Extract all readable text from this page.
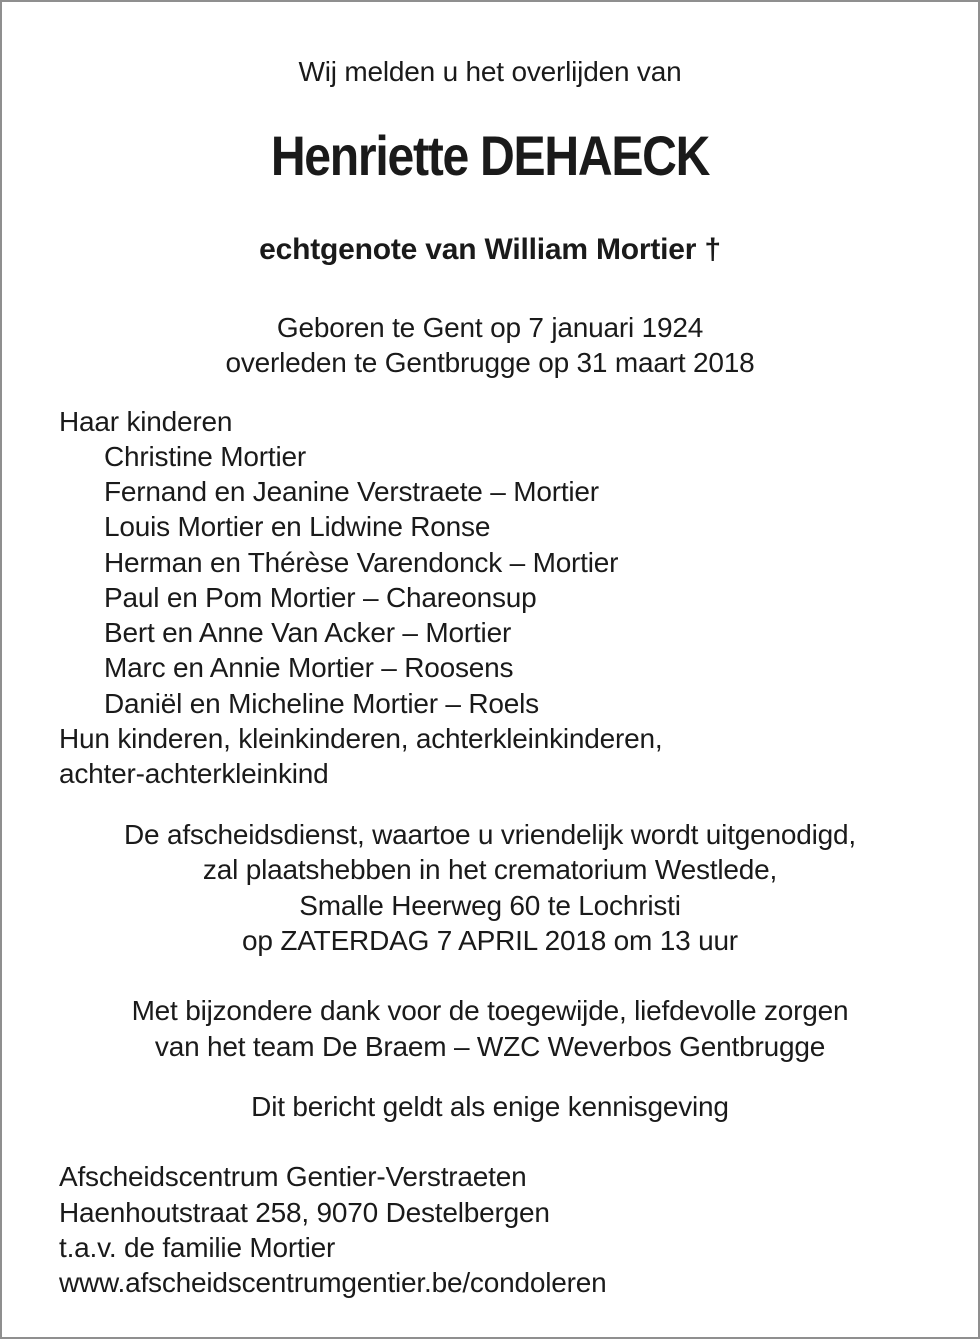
Wij melden u het overlijden van
Henriette DEHAECK
echtgenote van William Mortier †
Geboren te Gent op 7 januari 1924
overleden te Gentbrugge op 31 maart 2018
Haar kinderen
Christine Mortier
Fernand en Jeanine Verstraete – Mortier
Louis Mortier en Lidwine Ronse
Herman en Thérèse Varendonck – Mortier
Paul en Pom Mortier – Chareonsup
Bert en Anne Van Acker – Mortier
Marc en Annie Mortier – Roosens
Daniël en Micheline Mortier – Roels
Hun kinderen, kleinkinderen, achterkleinkinderen,
achter-achterkleinkind
De afscheidsdienst, waartoe u vriendelijk wordt uitgenodigd,
zal plaatshebben in het crematorium Westlede,
Smalle Heerweg 60 te Lochristi
op ZATERDAG 7 APRIL 2018 om 13 uur
Met bijzondere dank voor de toegewijde, liefdevolle zorgen
van het team De Braem – WZC Weverbos Gentbrugge
Dit bericht geldt als enige kennisgeving
Afscheidscentrum Gentier-Verstraeten
Haenhoutstraat 258, 9070 Destelbergen
t.a.v. de familie Mortier
www.afscheidscentrumgentier.be/condoleren
